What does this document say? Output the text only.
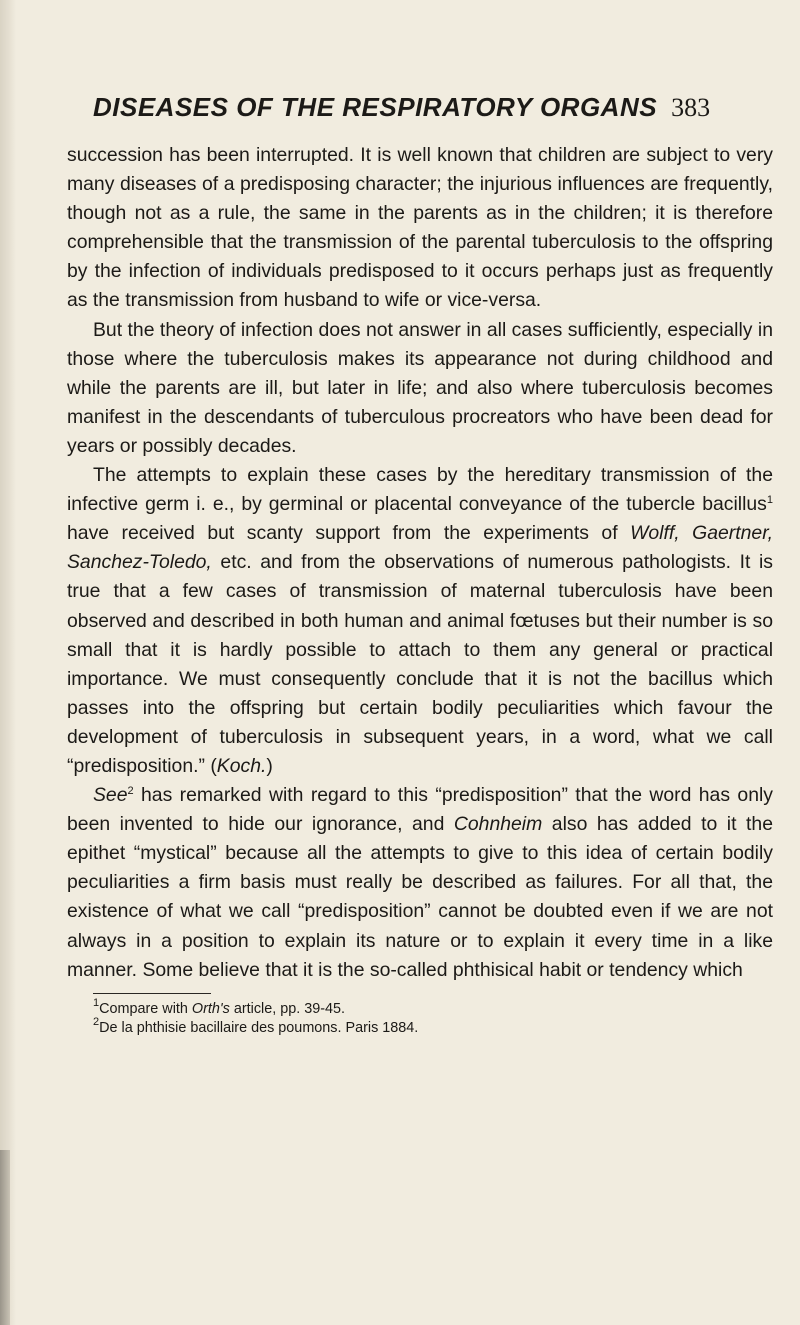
DISEASES OF THE RESPIRATORY ORGANS 383

succession has been interrupted. It is well known that children are subject to very many diseases of a predisposing character; the injurious influences are frequently, though not as a rule, the same in the parents as in the children; it is therefore comprehensible that the transmission of the parental tuberculosis to the offspring by the infection of individuals predisposed to it occurs perhaps just as frequently as the transmission from husband to wife or vice-versa.

But the theory of infection does not answer in all cases sufficiently, especially in those where the tuberculosis makes its appearance not during childhood and while the parents are ill, but later in life; and also where tuberculosis becomes manifest in the descendants of tuberculous procreators who have been dead for years or possibly decades.

The attempts to explain these cases by the hereditary transmission of the infective germ i. e., by germinal or placental conveyance of the tubercle bacillus$^1$ have received but scanty support from the experiments of Wolff, Gaertner, Sanchez-Toledo, etc. and from the observations of numerous pathologists. It is true that a few cases of transmission of maternal tuberculosis have been observed and described in both human and animal fœtuses but their number is so small that it is hardly possible to attach to them any general or practical importance. We must consequently conclude that it is not the bacillus which passes into the offspring but certain bodily peculiarities which favour the development of tuberculosis in subsequent years, in a word, what we call “predisposition.” (Koch.)

See$^2$ has remarked with regard to this “predisposition” that the word has only been invented to hide our ignorance, and Cohnheim also has added to it the epithet “mystical” because all the attempts to give to this idea of certain bodily peculiarities a firm basis must really be described as failures. For all that, the existence of what we call “predisposition” cannot be doubted even if we are not always in a position to explain its nature or to explain it every time in a like manner. Some believe that it is the so-called phthisical habit or tendency which

$^1$Compare with Orth's article, pp. 39-45.
$^2$De la phthisie bacillaire des poumons. Paris 1884.
